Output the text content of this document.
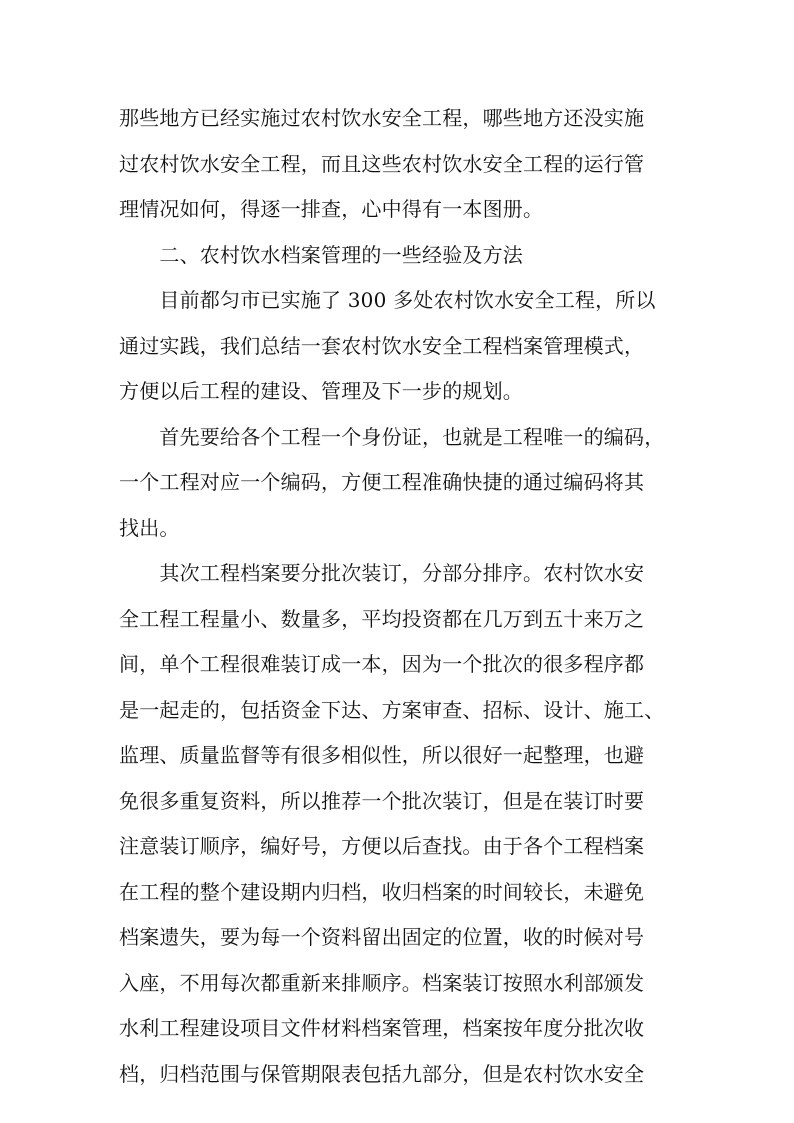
那些地方已经实施过农村饮水安全工程，哪些地方还没实施
过农村饮水安全工程，而且这些农村饮水安全工程的运行管
理情况如何，得逐一排查，心中得有一本图册。
　　二、农村饮水档案管理的一些经验及方法
　　目前都匀市已实施了 300 多处农村饮水安全工程，所以
通过实践，我们总结一套农村饮水安全工程档案管理模式，
方便以后工程的建设、管理及下一步的规划。
　　首先要给各个工程一个身份证，也就是工程唯一的编码，
一个工程对应一个编码，方便工程准确快捷的通过编码将其
找出。
　　其次工程档案要分批次装订，分部分排序。农村饮水安
全工程工程量小、数量多，平均投资都在几万到五十来万之
间，单个工程很难装订成一本，因为一个批次的很多程序都
是一起走的，包括资金下达、方案审查、招标、设计、施工、
监理、质量监督等有很多相似性，所以很好一起整理，也避
免很多重复资料，所以推荐一个批次装订，但是在装订时要
注意装订顺序，编好号，方便以后查找。由于各个工程档案
在工程的整个建设期内归档，收归档案的时间较长，未避免
档案遗失，要为每一个资料留出固定的位置，收的时候对号
入座，不用每次都重新来排顺序。档案装订按照水利部颁发
水利工程建设项目文件材料档案管理，档案按年度分批次收
档，归档范围与保管期限表包括九部分，但是农村饮水安全
